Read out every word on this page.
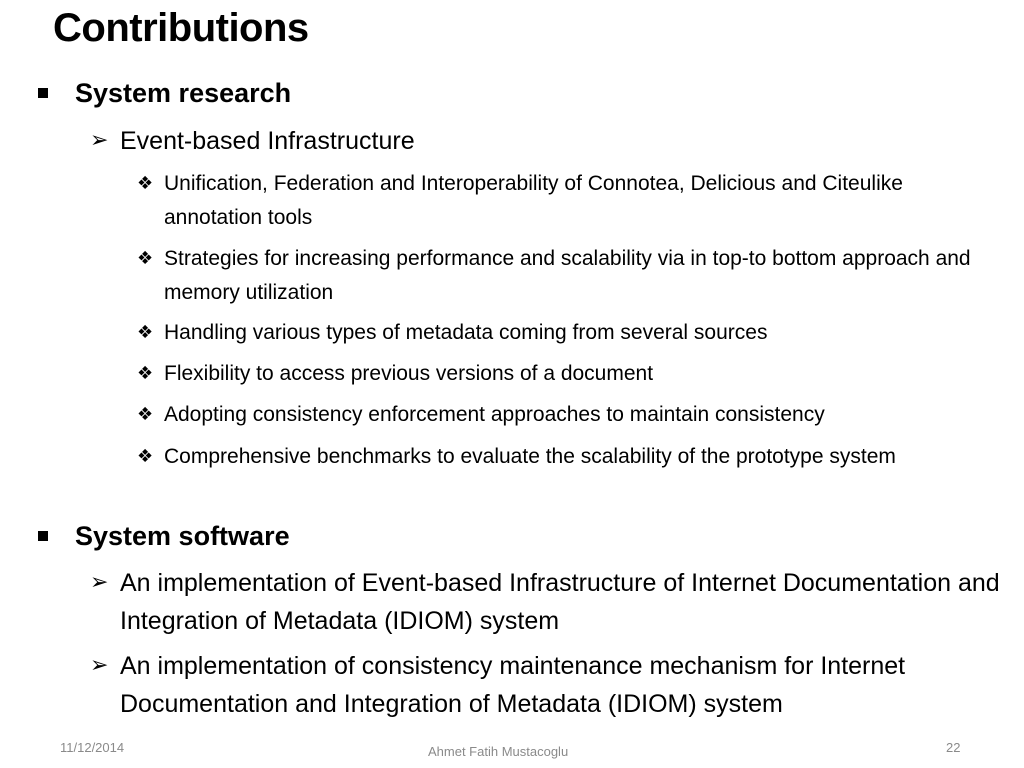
Contributions
System research
➢ Event-based Infrastructure
❖ Unification, Federation and Interoperability of Connotea, Delicious and Citeulike annotation tools
❖ Strategies for increasing performance and scalability via in top-to bottom approach and memory utilization
❖ Handling various types of metadata coming from several sources
❖ Flexibility to access previous versions of a document
❖ Adopting consistency enforcement approaches to maintain consistency
❖ Comprehensive benchmarks to evaluate the scalability of the prototype system
System software
➢ An implementation of Event-based Infrastructure of Internet Documentation and Integration of Metadata (IDIOM) system
➢ An implementation of consistency maintenance mechanism for Internet Documentation and Integration of Metadata (IDIOM) system
11/12/2014	Ahmet Fatih Mustacoglu	22
